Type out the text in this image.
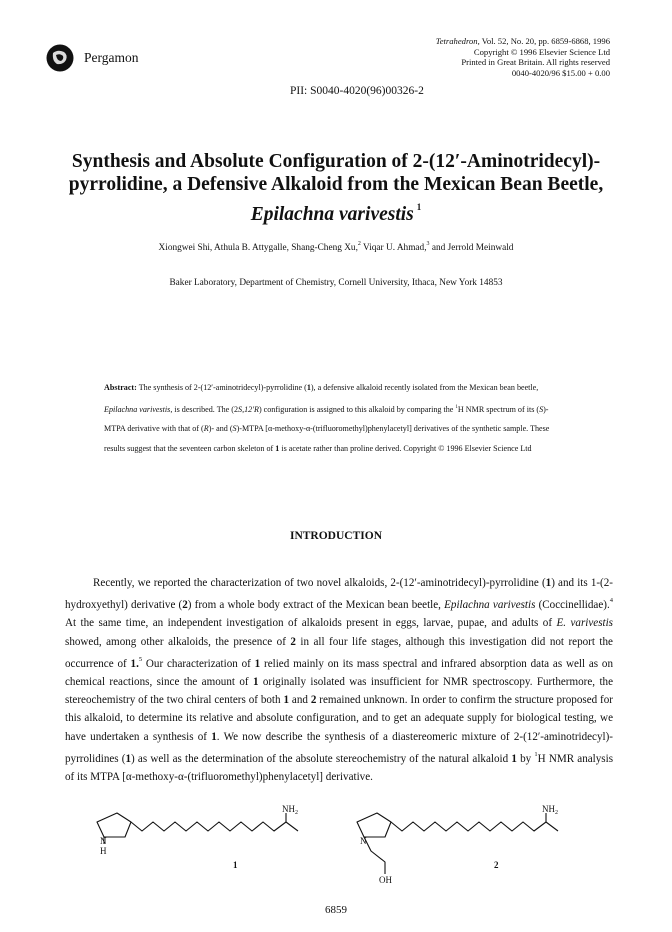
Pergamon
Tetrahedron, Vol. 52, No. 20, pp. 6859-6868, 1996
Copyright © 1996 Elsevier Science Ltd
Printed in Great Britain. All rights reserved
0040-4020/96 $15.00 + 0.00
PII: S0040-4020(96)00326-2
Synthesis and Absolute Configuration of 2-(12′-Aminotridecyl)-
pyrrolidine, a Defensive Alkaloid from the Mexican Bean Beetle,
Epilachna varivestis $^1$
Xiongwei Shi, Athula B. Attygalle, Shang-Cheng Xu,$^2$ Viqar U. Ahmad,$^3$ and Jerrold Meinwald
Baker Laboratory, Department of Chemistry, Cornell University, Ithaca, New York 14853
Abstract: The synthesis of 2-(12′-aminotridecyl)-pyrrolidine (1), a defensive alkaloid recently isolated from the Mexican bean beetle, Epilachna varivestis, is described. The (2S,12′R) configuration is assigned to this alkaloid by comparing the $^1$H NMR spectrum of its (S)-MTPA derivative with that of (R)- and (S)-MTPA [α-methoxy-α-(trifluoromethyl)phenylacetyl] derivatives of the synthetic sample. These results suggest that the seventeen carbon skeleton of 1 is acetate rather than proline derived. Copyright © 1996 Elsevier Science Ltd
INTRODUCTION

Recently, we reported the characterization of two novel alkaloids, 2-(12′-aminotridecyl)-pyrrolidine (1) and its 1-(2-hydroxyethyl) derivative (2) from a whole body extract of the Mexican bean beetle, Epilachna varivestis (Coccinellidae).$^4$ At the same time, an independent investigation of alkaloids present in eggs, larvae, pupae, and adults of E. varivestis showed, among other alkaloids, the presence of 2 in all four life stages, although this investigation did not report the occurrence of 1.$^5$ Our characterization of 1 relied mainly on its mass spectral and infrared absorption data as well as on chemical reactions, since the amount of 1 originally isolated was insufficient for NMR spectroscopy. Furthermore, the stereochemistry of the two chiral centers of both 1 and 2 remained unknown. In order to confirm the structure proposed for this alkaloid, to determine its relative and absolute configuration, and to get an adequate supply for biological testing, we have undertaken a synthesis of 1. We now describe the synthesis of a diastereomeric mixture of 2-(12′-aminotridecyl)-pyrrolidines (1) as well as the determination of the absolute stereochemistry of the natural alkaloid 1 by $^1$H NMR analysis of its MTPA [α-methoxy-α-(trifluoromethyl)phenylacetyl] derivative.

$NH_2$
N
H
1
$NH_2$
N
OH
2
6859
